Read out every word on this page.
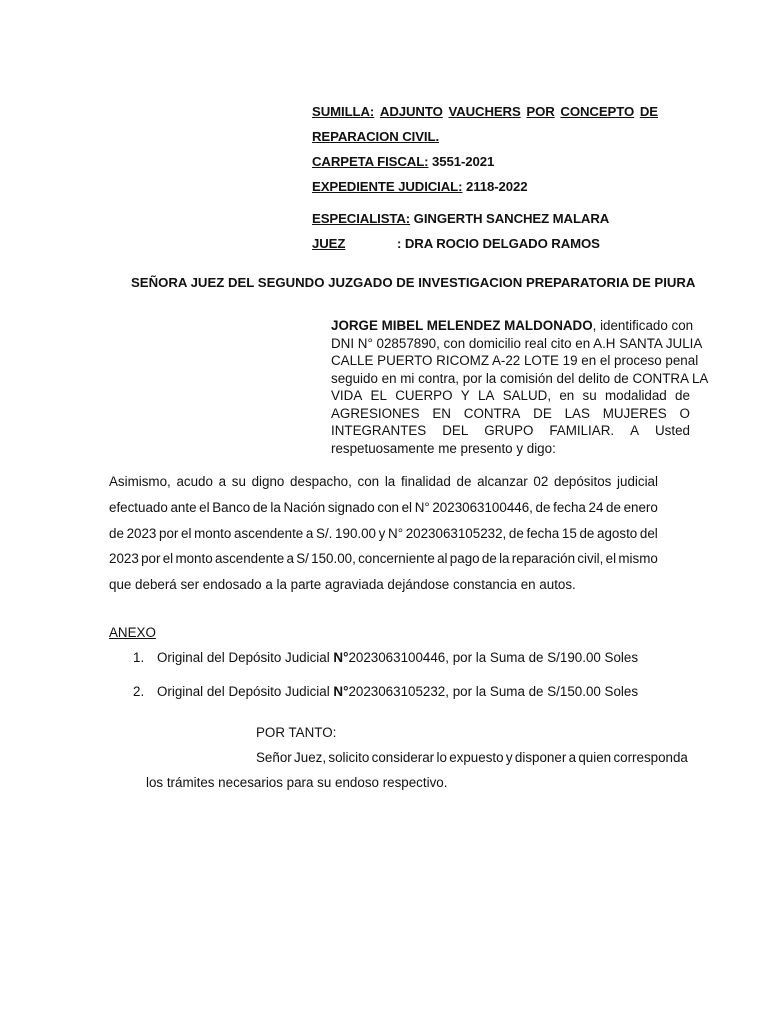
SUMILLA: ADJUNTO VAUCHERS POR CONCEPTO DE
REPARACION CIVIL.
CARPETA FISCAL: 3551-2021
EXPEDIENTE JUDICIAL: 2118-2022
ESPECIALISTA: GINGERTH SANCHEZ MALARA
JUEZ	: DRA ROCIO DELGADO RAMOS
SEÑORA JUEZ DEL SEGUNDO JUZGADO DE INVESTIGACION PREPARATORIA DE PIURA
JORGE MIBEL MELENDEZ MALDONADO, identificado con
DNI N° 02857890, con domicilio real cito en A.H SANTA JULIA
CALLE PUERTO RICOMZ A-22 LOTE 19 en el proceso penal
seguido en mi contra, por la comisión del delito de CONTRA LA
VIDA EL CUERPO Y LA SALUD, en su modalidad de
AGRESIONES EN CONTRA DE LAS MUJERES O
INTEGRANTES DEL GRUPO FAMILIAR. A Usted
respetuosamente me presento y digo:
Asimismo, acudo a su digno despacho, con la finalidad de alcanzar 02 depósitos judicial
efectuado ante el Banco de la Nación signado con el N° 2023063100446, de fecha 24 de enero
de 2023 por el monto ascendente a S/. 190.00 y N° 2023063105232, de fecha 15 de agosto del
2023 por el monto ascendente a S/ 150.00, concerniente al pago de la reparación civil, el mismo
que deberá ser endosado a la parte agraviada dejándose constancia en autos.
ANEXO
1. Original del Depósito Judicial N°2023063100446, por la Suma de S/190.00 Soles
2. Original del Depósito Judicial N°2023063105232, por la Suma de S/150.00 Soles
POR TANTO:
Señor Juez, solicito considerar lo expuesto y disponer a quien corresponda
los trámites necesarios para su endoso respectivo.
